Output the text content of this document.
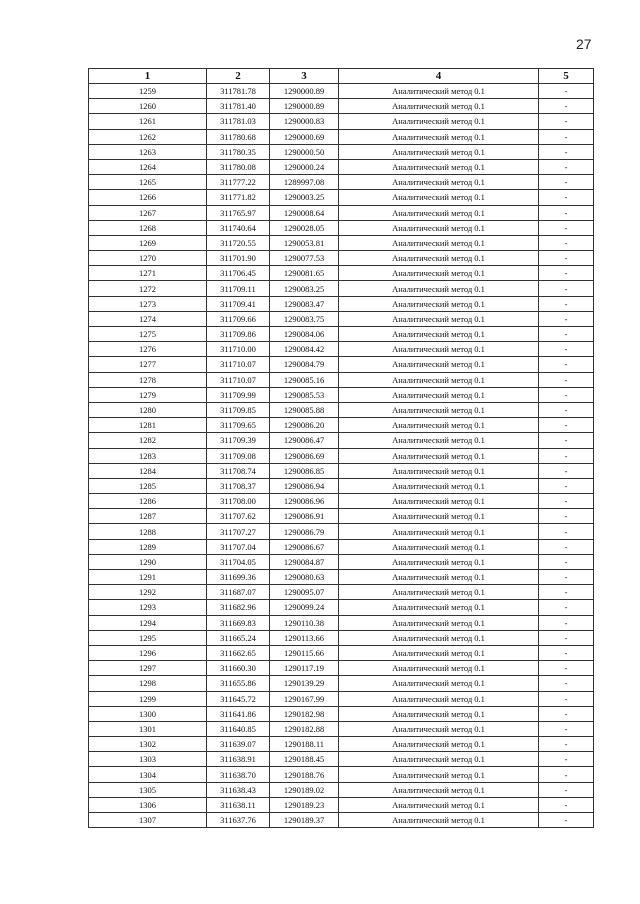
27
1	2	3	4	5
1259	311781.78	1290000.89	Аналитический метод 0.1	-
1260	311781.40	1290000.89	Аналитический метод 0.1	-
1261	311781.03	1290000.83	Аналитический метод 0.1	-
1262	311780.68	1290000.69	Аналитический метод 0.1	-
1263	311780.35	1290000.50	Аналитический метод 0.1	-
1264	311780.08	1290000.24	Аналитический метод 0.1	-
1265	311777.22	1289997.08	Аналитический метод 0.1	-
1266	311771.82	1290003.25	Аналитический метод 0.1	-
1267	311765.97	1290008.64	Аналитический метод 0.1	-
1268	311740.64	1290028.05	Аналитический метод 0.1	-
1269	311720.55	1290053.81	Аналитический метод 0.1	-
1270	311701.90	1290077.53	Аналитический метод 0.1	-
1271	311706.45	1290081.65	Аналитический метод 0.1	-
1272	311709.11	1290083.25	Аналитический метод 0.1	-
1273	311709.41	1290083.47	Аналитический метод 0.1	-
1274	311709.66	1290083.75	Аналитический метод 0.1	-
1275	311709.86	1290084.06	Аналитический метод 0.1	-
1276	311710.00	1290084.42	Аналитический метод 0.1	-
1277	311710.07	1290084.79	Аналитический метод 0.1	-
1278	311710.07	1290085.16	Аналитический метод 0.1	-
1279	311709.99	1290085.53	Аналитический метод 0.1	-
1280	311709.85	1290085.88	Аналитический метод 0.1	-
1281	311709.65	1290086.20	Аналитический метод 0.1	-
1282	311709.39	1290086.47	Аналитический метод 0.1	-
1283	311709.08	1290086.69	Аналитический метод 0.1	-
1284	311708.74	1290086.85	Аналитический метод 0.1	-
1285	311708.37	1290086.94	Аналитический метод 0.1	-
1286	311708.00	1290086.96	Аналитический метод 0.1	-
1287	311707.62	1290086.91	Аналитический метод 0.1	-
1288	311707.27	1290086.79	Аналитический метод 0.1	-
1289	311707.04	1290086.67	Аналитический метод 0.1	-
1290	311704.05	1290084.87	Аналитический метод 0.1	-
1291	311699.36	1290080.63	Аналитический метод 0.1	-
1292	311687.07	1290095.07	Аналитический метод 0.1	-
1293	311682.96	1290099.24	Аналитический метод 0.1	-
1294	311669.83	1290110.38	Аналитический метод 0.1	-
1295	311665.24	1290113.66	Аналитический метод 0.1	-
1296	311662.65	1290115.66	Аналитический метод 0.1	-
1297	311660.30	1290117.19	Аналитический метод 0.1	-
1298	311655.86	1290139.29	Аналитический метод 0.1	-
1299	311645.72	1290167.99	Аналитический метод 0.1	-
1300	311641.86	1290182.98	Аналитический метод 0.1	-
1301	311640.85	1290182.88	Аналитический метод 0.1	-
1302	311639.07	1290188.11	Аналитический метод 0.1	-
1303	311638.91	1290188.45	Аналитический метод 0.1	-
1304	311638.70	1290188.76	Аналитический метод 0.1	-
1305	311638.43	1290189.02	Аналитический метод 0.1	-
1306	311638.11	1290189.23	Аналитический метод 0.1	-
1307	311637.76	1290189.37	Аналитический метод 0.1	-
